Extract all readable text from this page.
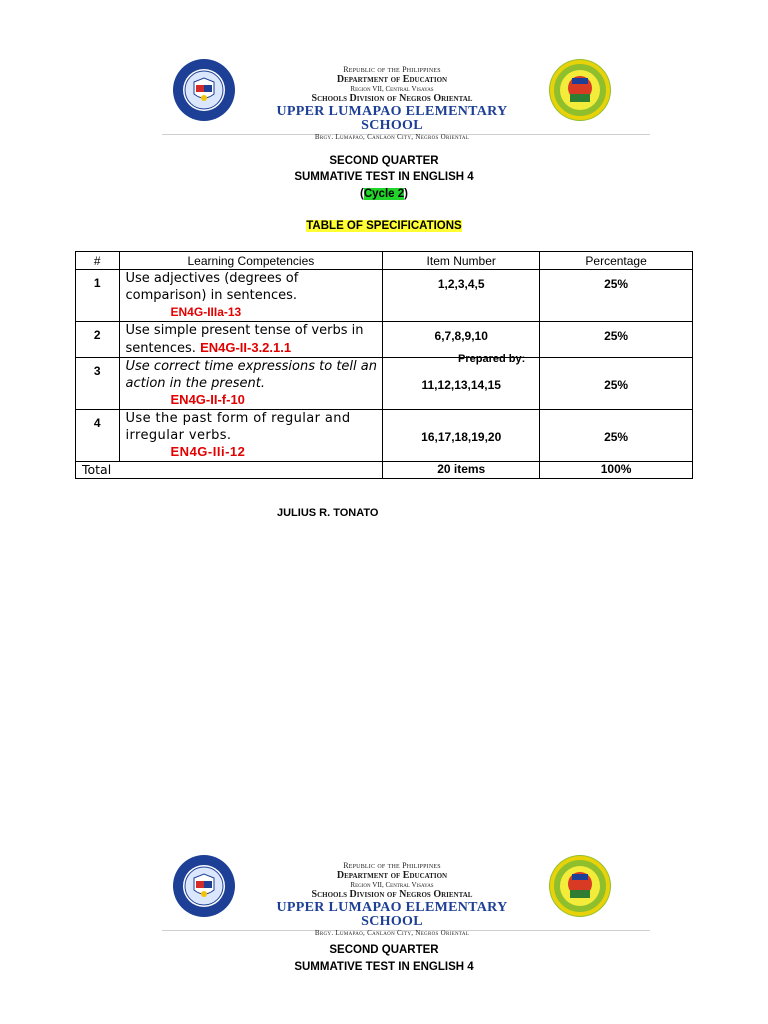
Republic of the Philippines
Department of Education
Region VII, Central Visayas
Schools Division of Negros Oriental
UPPER LUMAPAO ELEMENTARY SCHOOL
Brgy. Lumapao, Canlaon City, Negros Oriental
SECOND QUARTER
SUMMATIVE TEST IN ENGLISH 4
(Cycle 2)
TABLE OF SPECIFICATIONS
#	Learning Competencies	Item Number	Percentage
1	Use adjectives (degrees of comparison) in sentences.
EN4G-IIIa-13	1,2,3,4,5	25%
2	Use simple present tense of verbs in sentences. EN4G-II-3.2.1.1	6,7,8,9,10	25%
3	Use correct time expressions to tell an action in the present.
EN4G-II-f-10	11,12,13,14,15	25%
4	Use the past form of regular and irregular verbs.
EN4G-IIi-12	16,17,18,19,20	25%
Total		20 items	100%
Prepared by:
JULIUS R. TONATO
Republic of the Philippines
Department of Education
Region VII, Central Visayas
Schools Division of Negros Oriental
UPPER LUMAPAO ELEMENTARY SCHOOL
Brgy. Lumapao, Canlaon City, Negros Oriental
SECOND QUARTER
SUMMATIVE TEST IN ENGLISH 4
